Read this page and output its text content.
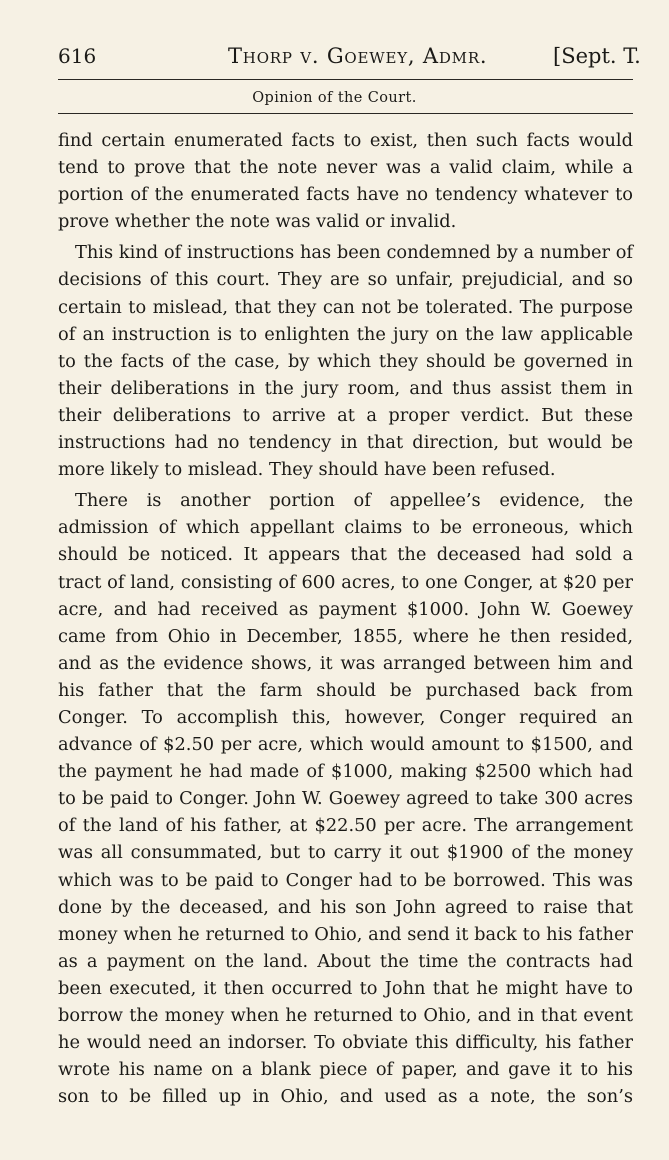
616	Thorp v. Goewey, Admr.	[Sept. T.
Opinion of the Court.

find certain enumerated facts to exist, then such facts would tend to prove that the note never was a valid claim, while a portion of the enumerated facts have no tendency whatever to prove whether the note was valid or invalid.

This kind of instructions has been condemned by a number of decisions of this court. They are so unfair, prejudicial, and so certain to mislead, that they can not be tolerated. The purpose of an instruction is to enlighten the jury on the law applicable to the facts of the case, by which they should be governed in their deliberations in the jury room, and thus assist them in their deliberations to arrive at a proper verdict. But these instructions had no tendency in that direction, but would be more likely to mislead. They should have been refused.

There is another portion of appellee’s evidence, the admission of which appellant claims to be erroneous, which should be noticed. It appears that the deceased had sold a tract of land, consisting of 600 acres, to one Conger, at $20 per acre, and had received as payment $1000. John W. Goewey came from Ohio in December, 1855, where he then resided, and as the evidence shows, it was arranged between him and his father that the farm should be purchased back from Conger. To accomplish this, however, Conger required an advance of $2.50 per acre, which would amount to $1500, and the payment he had made of $1000, making $2500 which had to be paid to Conger. John W. Goewey agreed to take 300 acres of the land of his father, at $22.50 per acre. The arrangement was all consummated, but to carry it out $1900 of the money which was to be paid to Conger had to be borrowed. This was done by the deceased, and his son John agreed to raise that money when he returned to Ohio, and send it back to his father as a payment on the land. About the time the contracts had been executed, it then occurred to John that he might have to borrow the money when he returned to Ohio, and in that event he would need an indorser. To obviate this difficulty, his father wrote his name on a blank piece of paper, and gave it to his son to be filled up in Ohio, and used as a note, the son’s
